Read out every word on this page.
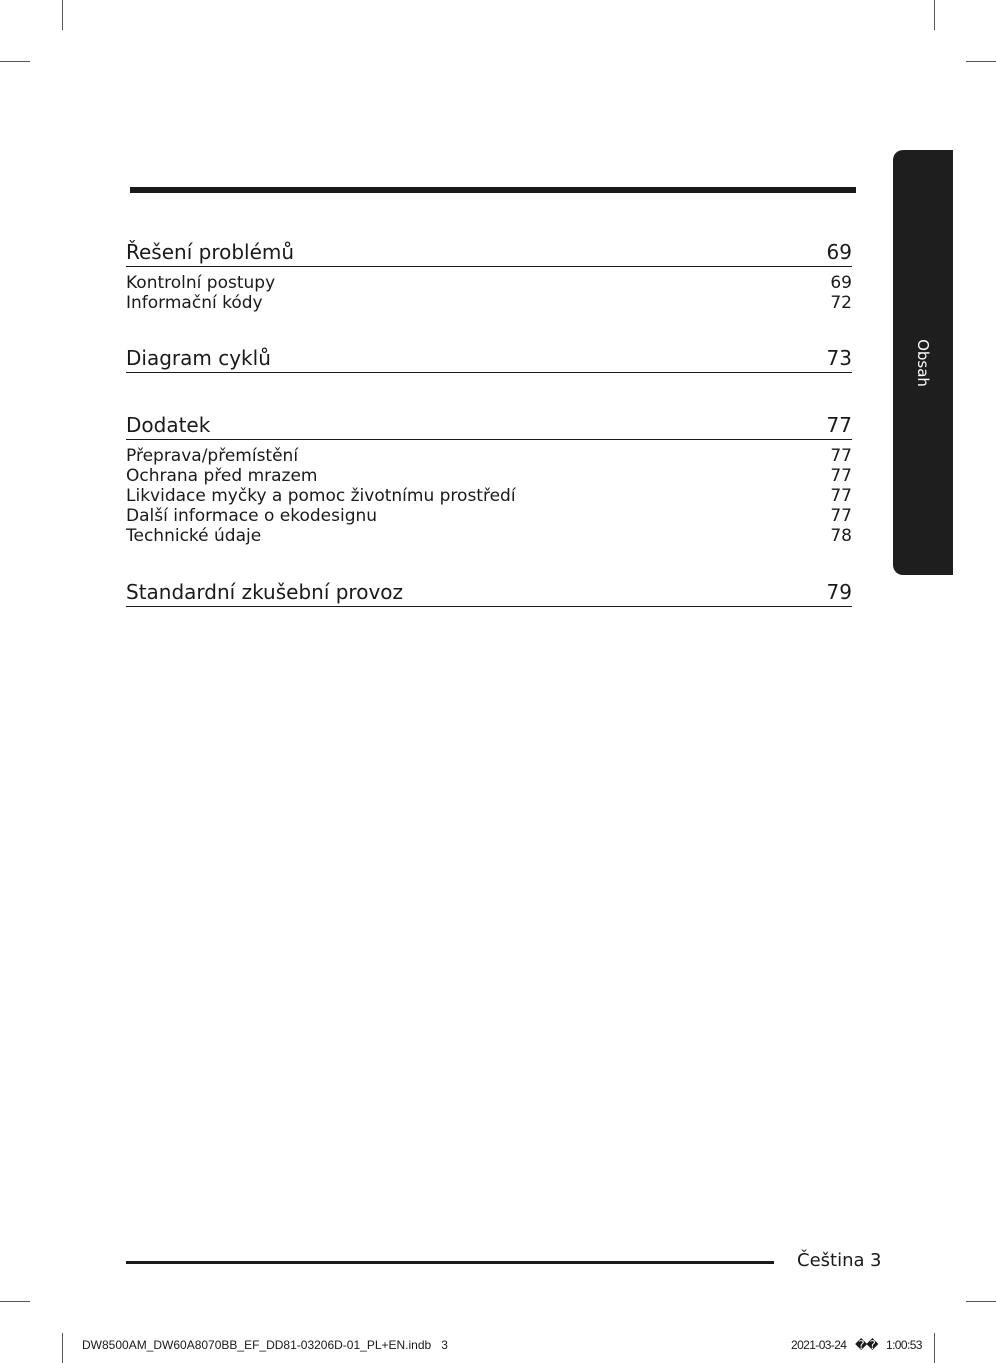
Obsah
Řešení problémů	69
Kontrolní postupy	69
Informační kódy	72
Diagram cyklů	73
Dodatek	77
Přeprava/přemístění	77
Ochrana před mrazem	77
Likvidace myčky a pomoc životnímu prostředí	77
Další informace o ekodesignu	77
Technické údaje	78
Standardní zkušební provoz	79
Čeština 3
DW8500AM_DW60A8070BB_EF_DD81-03206D-01_PL+EN.indb   3	2021-03-24 �� 1:00:53
